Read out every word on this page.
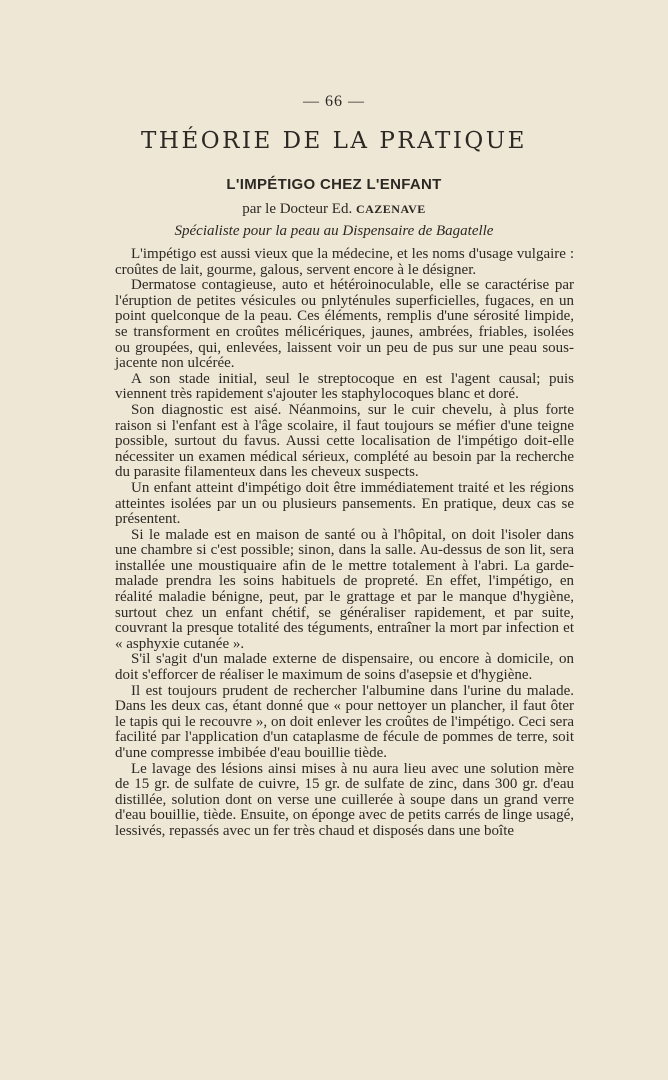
— 66 —
THÉORIE DE LA PRATIQUE
L'IMPÉTIGO CHEZ L'ENFANT
par le Docteur Ed. CAZENAVE
Spécialiste pour la peau au Dispensaire de Bagatelle

L'impétigo est aussi vieux que la médecine, et les noms d'usage vulgaire : croûtes de lait, gourme, galous, servent encore à le désigner.

Dermatose contagieuse, auto et hétéroinoculable, elle se caractérise par l'éruption de petites vésicules ou pnlyténules superficielles, fugaces, en un point quelconque de la peau. Ces éléments, remplis d'une sérosité limpide, se transforment en croûtes mélicériques, jaunes, ambrées, friables, isolées ou groupées, qui, enlevées, laissent voir un peu de pus sur une peau sous-jacente non ulcérée.

A son stade initial, seul le streptocoque en est l'agent causal; puis viennent très rapidement s'ajouter les staphylocoques blanc et doré.

Son diagnostic est aisé. Néanmoins, sur le cuir chevelu, à plus forte raison si l'enfant est à l'âge scolaire, il faut toujours se méfier d'une teigne possible, surtout du favus. Aussi cette localisation de l'impétigo doit-elle nécessiter un examen médical sérieux, complété au besoin par la recherche du parasite filamenteux dans les cheveux suspects.

Un enfant atteint d'impétigo doit être immédiatement traité et les régions atteintes isolées par un ou plusieurs pansements. En pratique, deux cas se présentent.

Si le malade est en maison de santé ou à l'hôpital, on doit l'isoler dans une chambre si c'est possible; sinon, dans la salle. Au-dessus de son lit, sera installée une moustiquaire afin de le mettre totalement à l'abri. La garde-malade prendra les soins habituels de propreté. En effet, l'impétigo, en réalité maladie bénigne, peut, par le grattage et par le manque d'hygiène, surtout chez un enfant chétif, se généraliser rapidement, et par suite, couvrant la presque totalité des téguments, entraîner la mort par infection et « asphyxie cutanée ».

S'il s'agit d'un malade externe de dispensaire, ou encore à domicile, on doit s'efforcer de réaliser le maximum de soins d'asepsie et d'hygiène.

Il est toujours prudent de rechercher l'albumine dans l'urine du malade. Dans les deux cas, étant donné que « pour nettoyer un plancher, il faut ôter le tapis qui le recouvre », on doit enlever les croûtes de l'impétigo. Ceci sera facilité par l'application d'un cataplasme de fécule de pommes de terre, soit d'une compresse imbibée d'eau bouillie tiède.

Le lavage des lésions ainsi mises à nu aura lieu avec une solution mère de 15 gr. de sulfate de cuivre, 15 gr. de sulfate de zinc, dans 300 gr. d'eau distillée, solution dont on verse une cuillerée à soupe dans un grand verre d'eau bouillie, tiède. Ensuite, on éponge avec de petits carrés de linge usagé, lessivés, repassés avec un fer très chaud et disposés dans une boîte
